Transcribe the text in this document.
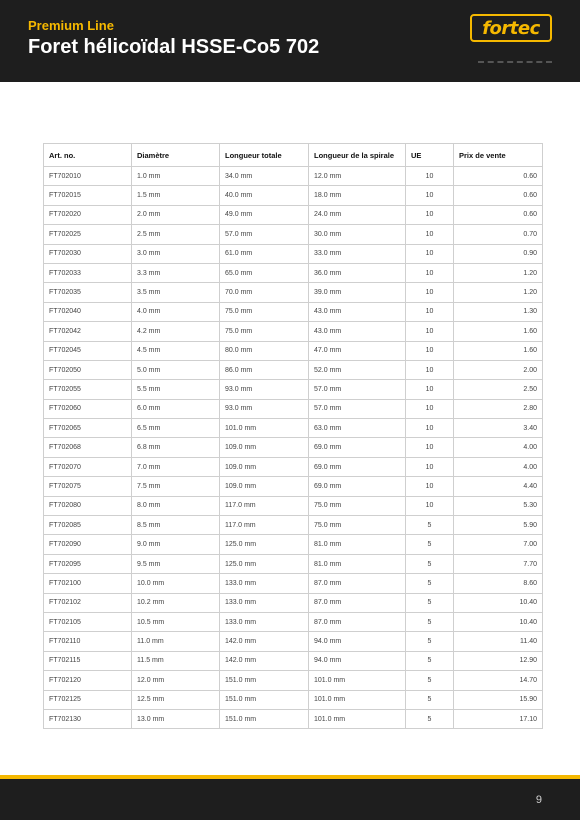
Premium Line
Foret hélicoïdal HSSE-Co5 702
fortec
Art. no.	Diamètre	Longueur totale	Longueur de la spirale	UE	Prix de vente
FT702010	1.0 mm	34.0 mm	12.0 mm	10	0.60
FT702015	1.5 mm	40.0 mm	18.0 mm	10	0.60
FT702020	2.0 mm	49.0 mm	24.0 mm	10	0.60
FT702025	2.5 mm	57.0 mm	30.0 mm	10	0.70
FT702030	3.0 mm	61.0 mm	33.0 mm	10	0.90
FT702033	3.3 mm	65.0 mm	36.0 mm	10	1.20
FT702035	3.5 mm	70.0 mm	39.0 mm	10	1.20
FT702040	4.0 mm	75.0 mm	43.0 mm	10	1.30
FT702042	4.2 mm	75.0 mm	43.0 mm	10	1.60
FT702045	4.5 mm	80.0 mm	47.0 mm	10	1.60
FT702050	5.0 mm	86.0 mm	52.0 mm	10	2.00
FT702055	5.5 mm	93.0 mm	57.0 mm	10	2.50
FT702060	6.0 mm	93.0 mm	57.0 mm	10	2.80
FT702065	6.5 mm	101.0 mm	63.0 mm	10	3.40
FT702068	6.8 mm	109.0 mm	69.0 mm	10	4.00
FT702070	7.0 mm	109.0 mm	69.0 mm	10	4.00
FT702075	7.5 mm	109.0 mm	69.0 mm	10	4.40
FT702080	8.0 mm	117.0 mm	75.0 mm	10	5.30
FT702085	8.5 mm	117.0 mm	75.0 mm	5	5.90
FT702090	9.0 mm	125.0 mm	81.0 mm	5	7.00
FT702095	9.5 mm	125.0 mm	81.0 mm	5	7.70
FT702100	10.0 mm	133.0 mm	87.0 mm	5	8.60
FT702102	10.2 mm	133.0 mm	87.0 mm	5	10.40
FT702105	10.5 mm	133.0 mm	87.0 mm	5	10.40
FT702110	11.0 mm	142.0 mm	94.0 mm	5	11.40
FT702115	11.5 mm	142.0 mm	94.0 mm	5	12.90
FT702120	12.0 mm	151.0 mm	101.0 mm	5	14.70
FT702125	12.5 mm	151.0 mm	101.0 mm	5	15.90
FT702130	13.0 mm	151.0 mm	101.0 mm	5	17.10
9
